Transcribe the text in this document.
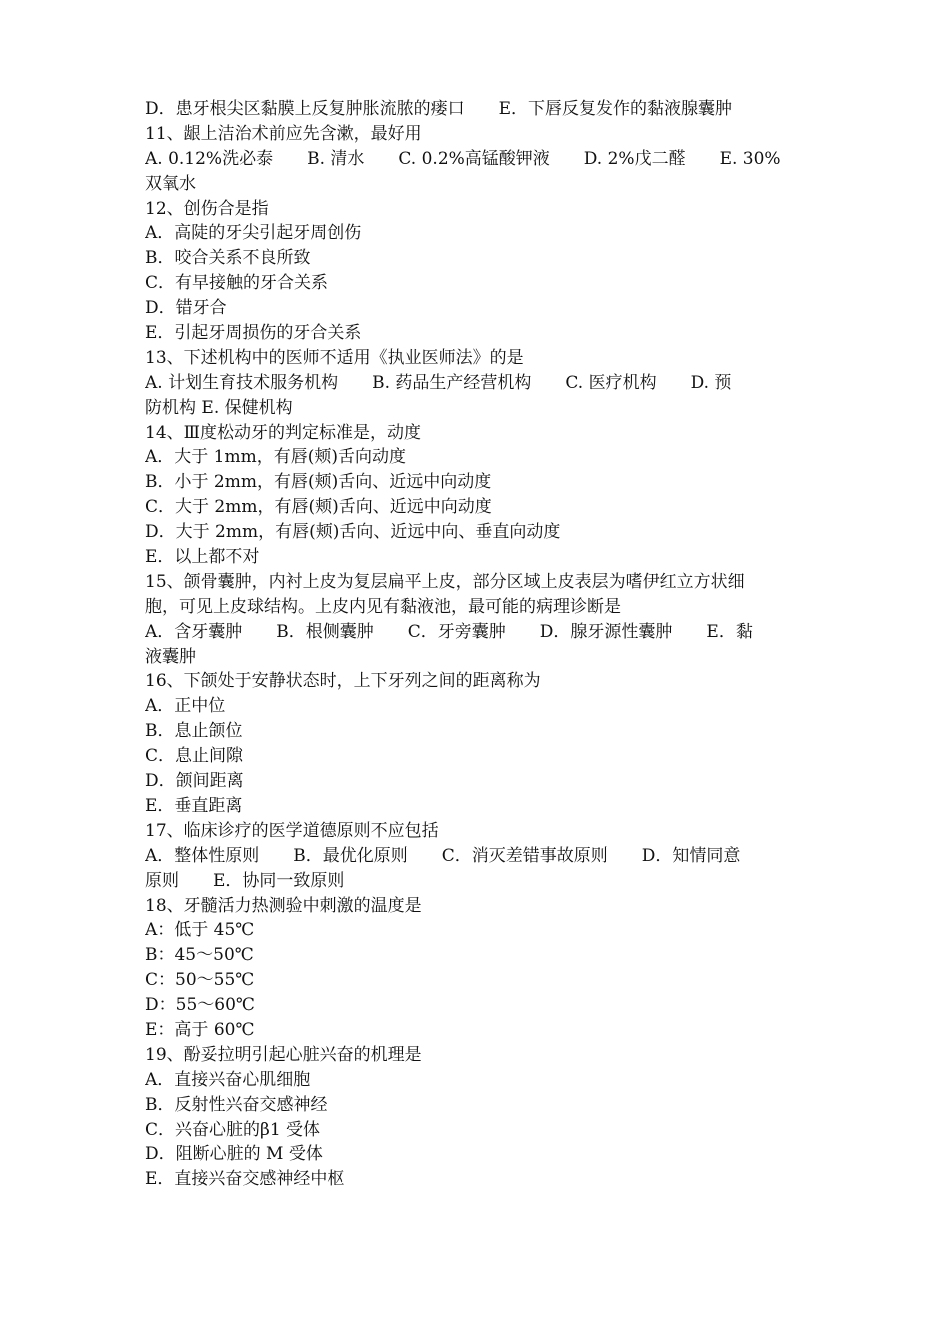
D．患牙根尖区黏膜上反复肿胀流脓的瘘口　　E．下唇反复发作的黏液腺囊肿
11、龈上洁治术前应先含漱，最好用
A. 0.12%洗必泰　　B. 清水　　C. 0.2%高锰酸钾液　　D. 2%戊二醛　　E. 30%
双氧水
12、创伤合是指
A．高陡的牙尖引起牙周创伤
B．咬合关系不良所致
C．有早接触的牙合关系
D．错牙合
E．引起牙周损伤的牙合关系
13、下述机构中的医师不适用《执业医师法》的是
A. 计划生育技术服务机构　　B. 药品生产经营机构　　C. 医疗机构　　D. 预
防机构 E. 保健机构
14、Ⅲ度松动牙的判定标准是，动度
A．大于 1mm，有唇(颊)舌向动度
B．小于 2mm，有唇(颊)舌向、近远中向动度
C．大于 2mm，有唇(颊)舌向、近远中向动度
D．大于 2mm，有唇(颊)舌向、近远中向、垂直向动度
E．以上都不对
15、颌骨囊肿，内衬上皮为复层扁平上皮，部分区域上皮表层为嗜伊红立方状细
胞，可见上皮球结构。上皮内见有黏液池，最可能的病理诊断是
A．含牙囊肿　　B．根侧囊肿　　C．牙旁囊肿　　D．腺牙源性囊肿　　E．黏
液囊肿
16、下颌处于安静状态时，上下牙列之间的距离称为
A．正中位
B．息止颌位
C．息止间隙
D．颌间距离
E．垂直距离
17、临床诊疗的医学道德原则不应包括
A．整体性原则　　B．最优化原则　　C．消灭差错事故原则　　D．知情同意
原则　　E．协同一致原则
18、牙髓活力热测验中刺激的温度是
A：低于 45℃
B：45～50℃
C：50～55℃
D：55～60℃
E：高于 60℃
19、酚妥拉明引起心脏兴奋的机理是
A．直接兴奋心肌细胞
B．反射性兴奋交感神经
C．兴奋心脏的β1 受体
D．阻断心脏的 M 受体
E．直接兴奋交感神经中枢
